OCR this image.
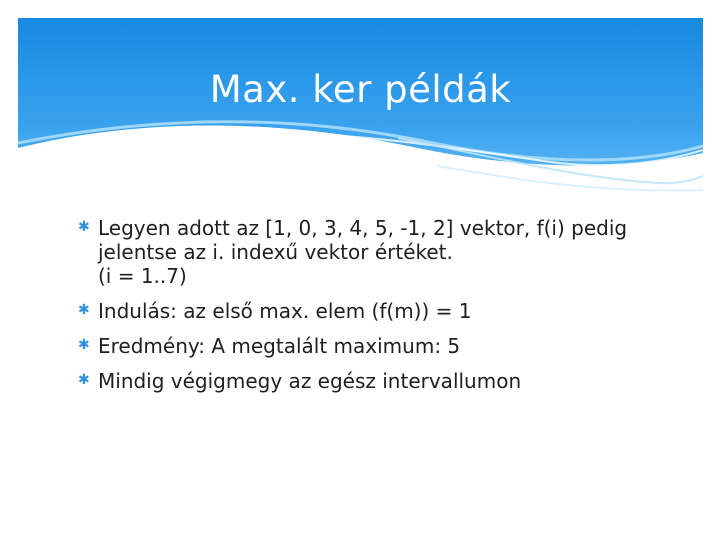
Max. ker példák
✱ Legyen adott az [1, 0, 3, 4, 5, -1, 2] vektor, f(i) pedig
jelentse az i. indexű vektor értéket.
(i = 1..7)
✱ Indulás: az első max. elem (f(m)) = 1
✱ Eredmény: A megtalált maximum: 5
✱ Mindig végigmegy az egész intervallumon
